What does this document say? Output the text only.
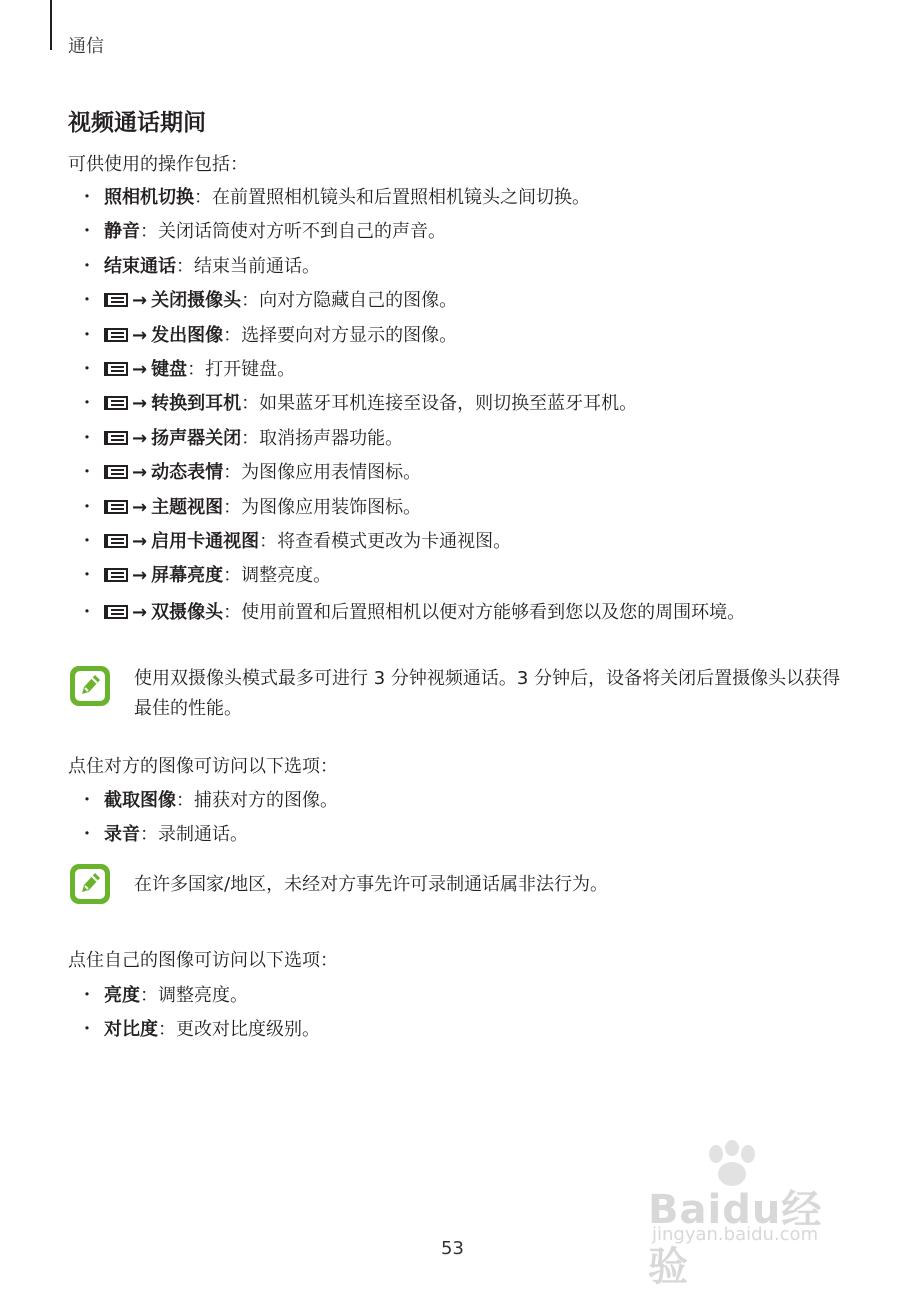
通信
视频通话期间
可供使用的操作包括：
・ 照相机切换：在前置照相机镜头和后置照相机镜头之间切换。
・ 静音：关闭话筒使对方听不到自己的声音。
・ 结束通话：结束当前通话。
・ → 关闭摄像头：向对方隐藏自己的图像。
・ → 发出图像：选择要向对方显示的图像。
・ → 键盘：打开键盘。
・ → 转换到耳机：如果蓝牙耳机连接至设备，则切换至蓝牙耳机。
・ → 扬声器关闭：取消扬声器功能。
・ → 动态表情：为图像应用表情图标。
・ → 主题视图：为图像应用装饰图标。
・ → 启用卡通视图：将查看模式更改为卡通视图。
・ → 屏幕亮度：调整亮度。
・ → 双摄像头：使用前置和后置照相机以便对方能够看到您以及您的周围环境。
使用双摄像头模式最多可进行 3 分钟视频通话。3 分钟后，设备将关闭后置摄像头以获得最佳的性能。
点住对方的图像可访问以下选项：
・ 截取图像：捕获对方的图像。
・ 录音：录制通话。
在许多国家/地区，未经对方事先许可录制通话属非法行为。
点住自己的图像可访问以下选项：
・ 亮度：调整亮度。
・ 对比度：更改对比度级别。
Baidu经验
jingyan.baidu.com
53
